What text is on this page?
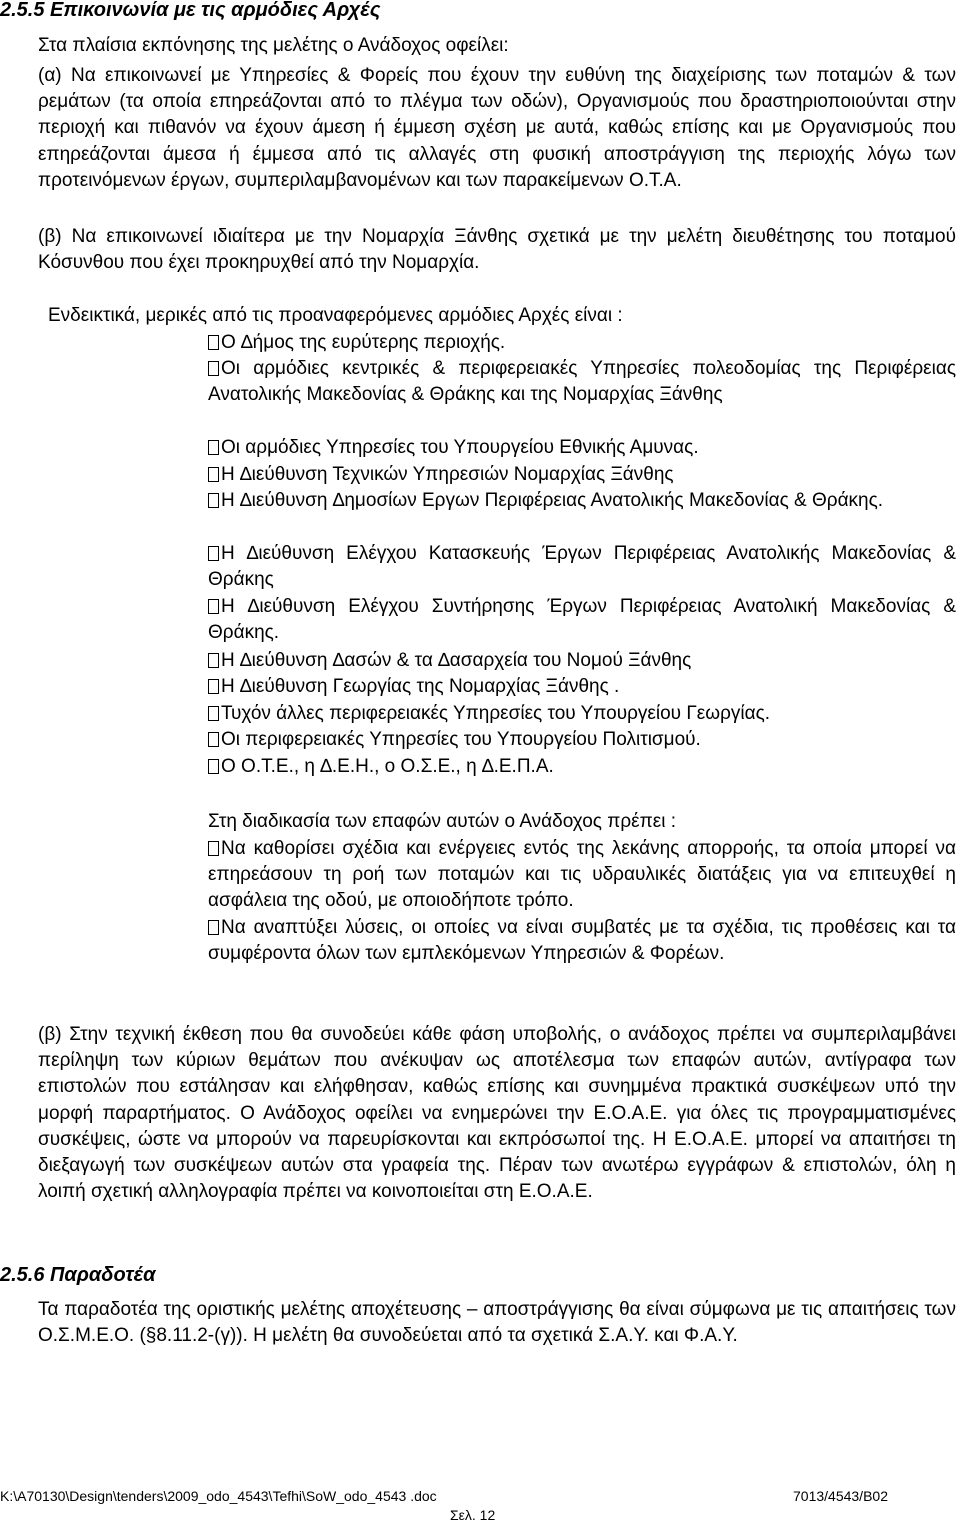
2.5.5 Επικοινωνία με τις αρμόδιες Αρχές
Στα πλαίσια εκπόνησης της μελέτης ο Ανάδοχος οφείλει:
(α) Να επικοινωνεί με Υπηρεσίες & Φορείς που έχουν την ευθύνη της διαχείρισης των ποταμών & των ρεμάτων (τα οποία επηρεάζονται από το πλέγμα των οδών), Οργανισμούς που δραστηριοποιούνται στην περιοχή και πιθανόν να έχουν άμεση ή έμμεση σχέση με αυτά, καθώς επίσης και με Οργανισμούς που επηρεάζονται άμεσα ή έμμεσα από τις αλλαγές στη φυσική αποστράγγιση της περιοχής λόγω των προτεινόμενων έργων, συμπεριλαμβανομένων και των παρακείμενων Ο.Τ.Α.
(β) Να επικοινωνεί ιδιαίτερα με την Νομαρχία Ξάνθης σχετικά με την μελέτη διευθέτησης του ποταμού Κόσυνθου που έχει προκηρυχθεί από την Νομαρχία.
Ενδεικτικά, μερικές από τις προαναφερόμενες αρμόδιες Αρχές είναι :
Ο ∆ήμος της ευρύτερης περιοχής.
Οι αρμόδιες κεντρικές & περιφερειακές Υπηρεσίες πολεοδομίας της Περιφέρειας Ανατολικής Μακεδονίας & Θράκης και της Νομαρχίας Ξάνθης
Οι αρμόδιες Υπηρεσίες του Υπουργείου Εθνικής Αμυνας.
Η ∆ιεύθυνση Τεχνικών Υπηρεσιών Νομαρχίας Ξάνθης
Η ∆ιεύθυνση ∆ημοσίων Εργων Περιφέρειας Ανατολικής Μακεδονίας & Θράκης.
Η ∆ιεύθυνση Ελέγχου Κατασκευής Έργων Περιφέρειας Ανατολικής Μακεδονίας & Θράκης
Η ∆ιεύθυνση Ελέγχου Συντήρησης Έργων Περιφέρειας Ανατολική Μακεδονίας & Θράκης.
Η ∆ιεύθυνση ∆ασών & τα ∆ασαρχεία του Νομού Ξάνθης
Η ∆ιεύθυνση Γεωργίας της Νομαρχίας Ξάνθης .
Τυχόν άλλες περιφερειακές Υπηρεσίες του Υπουργείου Γεωργίας.
Οι περιφερειακές Υπηρεσίες του Υπουργείου Πολιτισμού.
Ο Ο.Τ.Ε., η ∆.Ε.Η., ο Ο.Σ.Ε., η ∆.Ε.Π.Α.
Στη διαδικασία των επαφών αυτών ο Ανάδοχος πρέπει :
Να καθορίσει σχέδια και ενέργειες εντός της λεκάνης απορροής, τα οποία μπορεί να επηρεάσουν τη ροή των ποταμών και τις υδραυλικές διατάξεις για να επιτευχθεί η ασφάλεια της οδού, με οποιοδήποτε τρόπο.
Να αναπτύξει λύσεις, οι οποίες να είναι συμβατές με τα σχέδια, τις προθέσεις και τα συμφέροντα όλων των εμπλεκόμενων Υπηρεσιών & Φορέων.
(β) Στην τεχνική έκθεση που θα συνοδεύει κάθε φάση υποβολής, ο ανάδοχος πρέπει να συμπεριλαμβάνει περίληψη των κύριων θεμάτων που ανέκυψαν ως αποτέλεσμα των επαφών αυτών, αντίγραφα των επιστολών που εστάλησαν και ελήφθησαν, καθώς επίσης και συνημμένα πρακτικά συσκέψεων υπό την μορφή παραρτήματος. Ο Ανάδοχος οφείλει να ενημερώνει την Ε.Ο.Α.Ε. για όλες τις προγραμματισμένες συσκέψεις, ώστε να μπορούν να παρευρίσκονται και εκπρόσωποί της. Η Ε.Ο.Α.Ε. μπορεί να απαιτήσει τη διεξαγωγή των συσκέψεων αυτών στα γραφεία της. Πέραν των ανωτέρω εγγράφων & επιστολών, όλη η λοιπή σχετική αλληλογραφία πρέπει να κοινοποιείται στη Ε.Ο.Α.Ε.
2.5.6 Παραδοτέα
Τα παραδοτέα της οριστικής μελέτης αποχέτευσης – αποστράγγισης θα είναι σύμφωνα με τις απαιτήσεις των Ο.Σ.Μ.Ε.Ο. (§8.11.2-(γ)). Η μελέτη θα συνοδεύεται από τα σχετικά Σ.Α.Υ. και Φ.Α.Υ.
K:\A70130\Design\tenders\2009_odo_4543\Tefhi\SoW_odo_4543 .doc	7013/4543/B02
Σελ. 12
